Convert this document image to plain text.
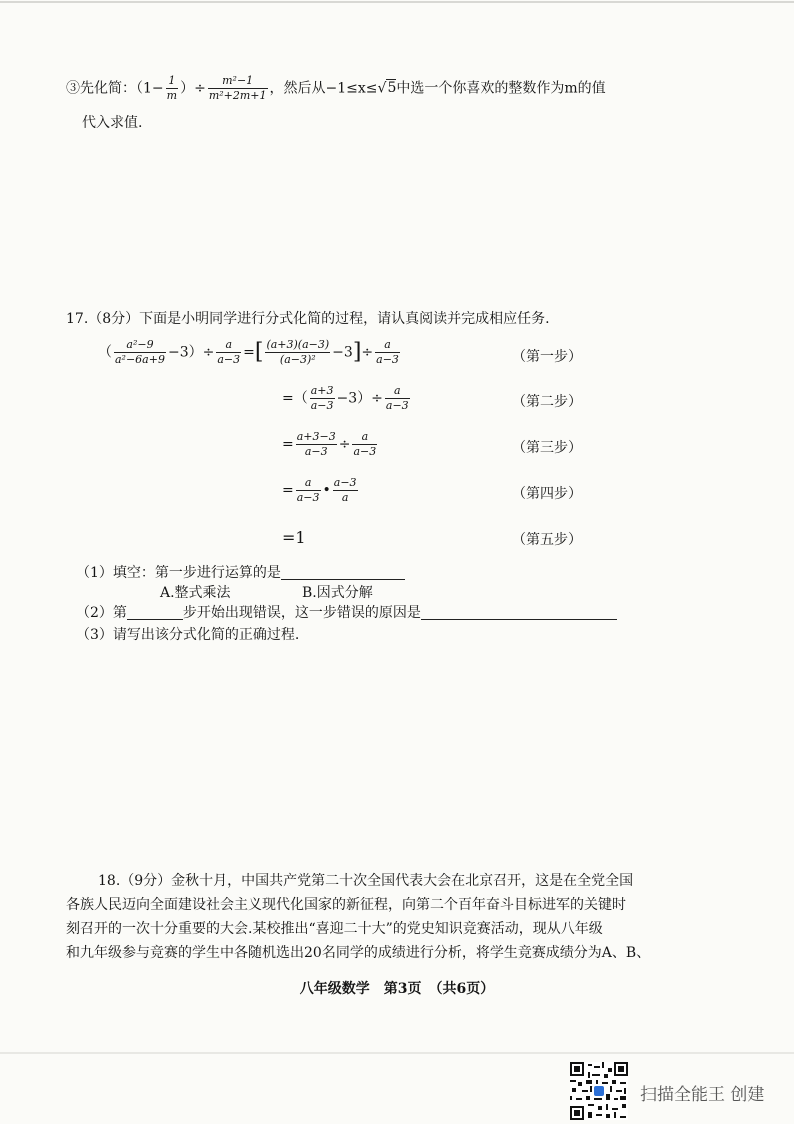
③先化简：（$1- \frac{1}{m}$ ）÷ $\frac{\text{m²−1}}{\text{m²+2m+1}}$ ，然后从−1≤x≤√5中选一个你喜欢的整数作为m的值
代入求值.
17.（8分）下面是小明同学进行分式化简的过程，请认真阅读并完成相应任务.
（ $\frac{\text{a²−9}}{\text{a²−6a+9}} -3)\div \frac{a}{a-3}$ =[ $\frac{(a+3)(a-3)}{\text{(a−3)²}} -3]\div \frac{a}{a-3}$	（第一步）
=（ $\frac{a+3}{a-3} -3)\div \frac{a}{a-3}$	（第二步）
= $\frac{a+3-3}{a-3} \div \frac{a}{a-3}$	（第三步）
= $\frac{a}{a-3}$ • $\frac{a-3}{a}$	（第四步）
=1	（第五步）
（1）填空：第一步进行运算的是
A.整式乘法	B.因式分解
（2）第	步开始出现错误，这一步错误的原因是
（3）请写出该分式化简的正确过程.
18.（9分）金秋十月，中国共产党第二十次全国代表大会在北京召开，这是在全党全国
各族人民迈向全面建设社会主义现代化国家的新征程，向第二个百年奋斗目标进军的关键时
刻召开的一次十分重要的大会.某校推出“喜迎二十大”的党史知识竞赛活动，现从八年级
和九年级参与竞赛的学生中各随机选出20名同学的成绩进行分析，将学生竞赛成绩分为A、B、
八年级数学　第3页　（共6页）
扫描全能王 创建
